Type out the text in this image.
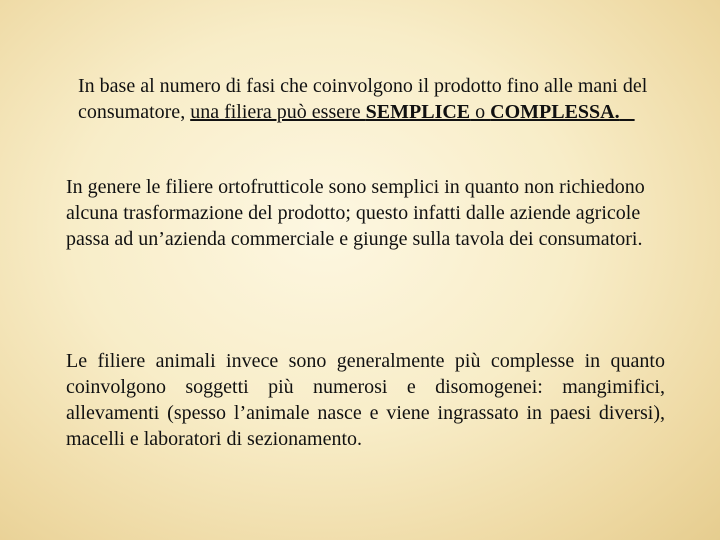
In base al numero di fasi che coinvolgono il prodotto fino alle mani del consumatore, una filiera può essere SEMPLICE o COMPLESSA.

In genere le filiere ortofrutticole sono semplici in quanto non richiedono alcuna trasformazione del prodotto; questo infatti dalle aziende agricole passa ad un’azienda commerciale e giunge sulla tavola dei consumatori.

Le filiere animali invece sono generalmente più complesse in quanto coinvolgono soggetti più numerosi e disomogenei: mangimifici, allevamenti (spesso l’animale nasce e viene ingrassato in paesi diversi), macelli e laboratori di sezionamento.
